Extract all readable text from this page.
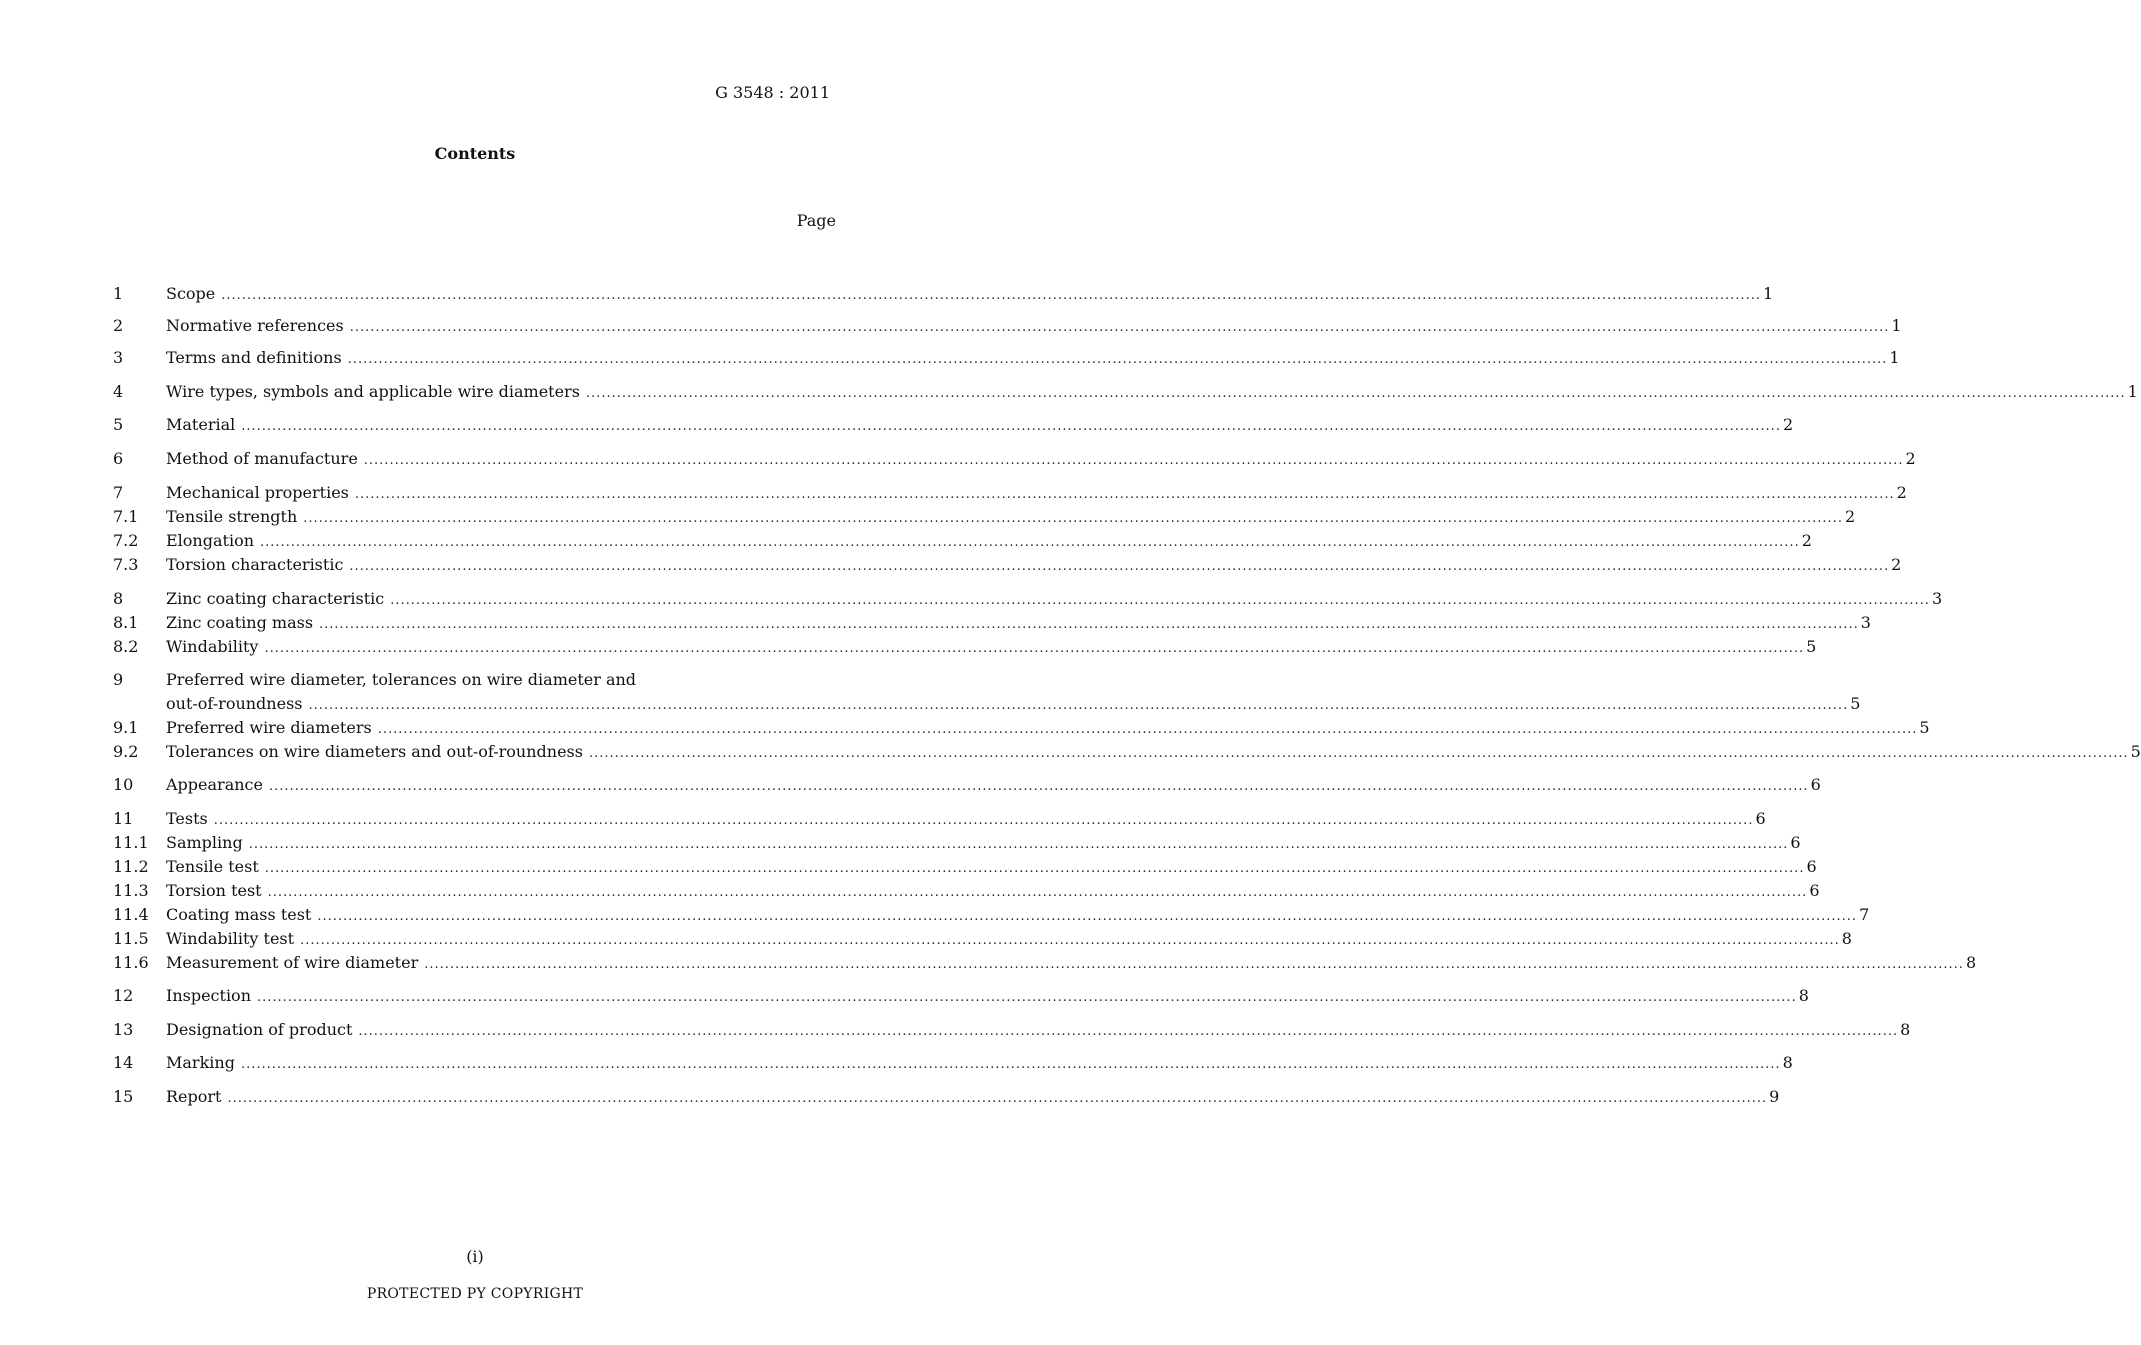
G 3548 : 2011
Contents
Page
1	Scope ............................................................................................................................................................................................................................................................................................................ 1
2	Normative references ............................................................................................................................................................................................................................................................................................................ 1
3	Terms and definitions ............................................................................................................................................................................................................................................................................................................ 1
4	Wire types, symbols and applicable wire diameters ............................................................................................................................................................................................................................................................................................................ 1
5	Material ............................................................................................................................................................................................................................................................................................................ 2
6	Method of manufacture ............................................................................................................................................................................................................................................................................................................ 2
7	Mechanical properties ............................................................................................................................................................................................................................................................................................................ 2
7.1	Tensile strength ............................................................................................................................................................................................................................................................................................................ 2
7.2	Elongation ............................................................................................................................................................................................................................................................................................................ 2
7.3	Torsion characteristic ............................................................................................................................................................................................................................................................................................................ 2
8	Zinc coating characteristic ............................................................................................................................................................................................................................................................................................................ 3
8.1	Zinc coating mass ............................................................................................................................................................................................................................................................................................................ 3
8.2	Windability ............................................................................................................................................................................................................................................................................................................ 5
9	Preferred wire diameter, tolerances on wire diameter and
out-of-roundness ............................................................................................................................................................................................................................................................................................................ 5
9.1	Preferred wire diameters ............................................................................................................................................................................................................................................................................................................ 5
9.2	Tolerances on wire diameters and out-of-roundness ............................................................................................................................................................................................................................................................................................................ 5
10	Appearance ............................................................................................................................................................................................................................................................................................................ 6
11	Tests ............................................................................................................................................................................................................................................................................................................ 6
11.1	Sampling ............................................................................................................................................................................................................................................................................................................ 6
11.2	Tensile test ............................................................................................................................................................................................................................................................................................................ 6
11.3	Torsion test ............................................................................................................................................................................................................................................................................................................ 6
11.4	Coating mass test ............................................................................................................................................................................................................................................................................................................ 7
11.5	Windability test ............................................................................................................................................................................................................................................................................................................ 8
11.6	Measurement of wire diameter ............................................................................................................................................................................................................................................................................................................ 8
12	Inspection ............................................................................................................................................................................................................................................................................................................ 8
13	Designation of product ............................................................................................................................................................................................................................................................................................................ 8
14	Marking ............................................................................................................................................................................................................................................................................................................ 8
15	Report ............................................................................................................................................................................................................................................................................................................ 9
(i)
PROTECTED PY COPYRIGHT
